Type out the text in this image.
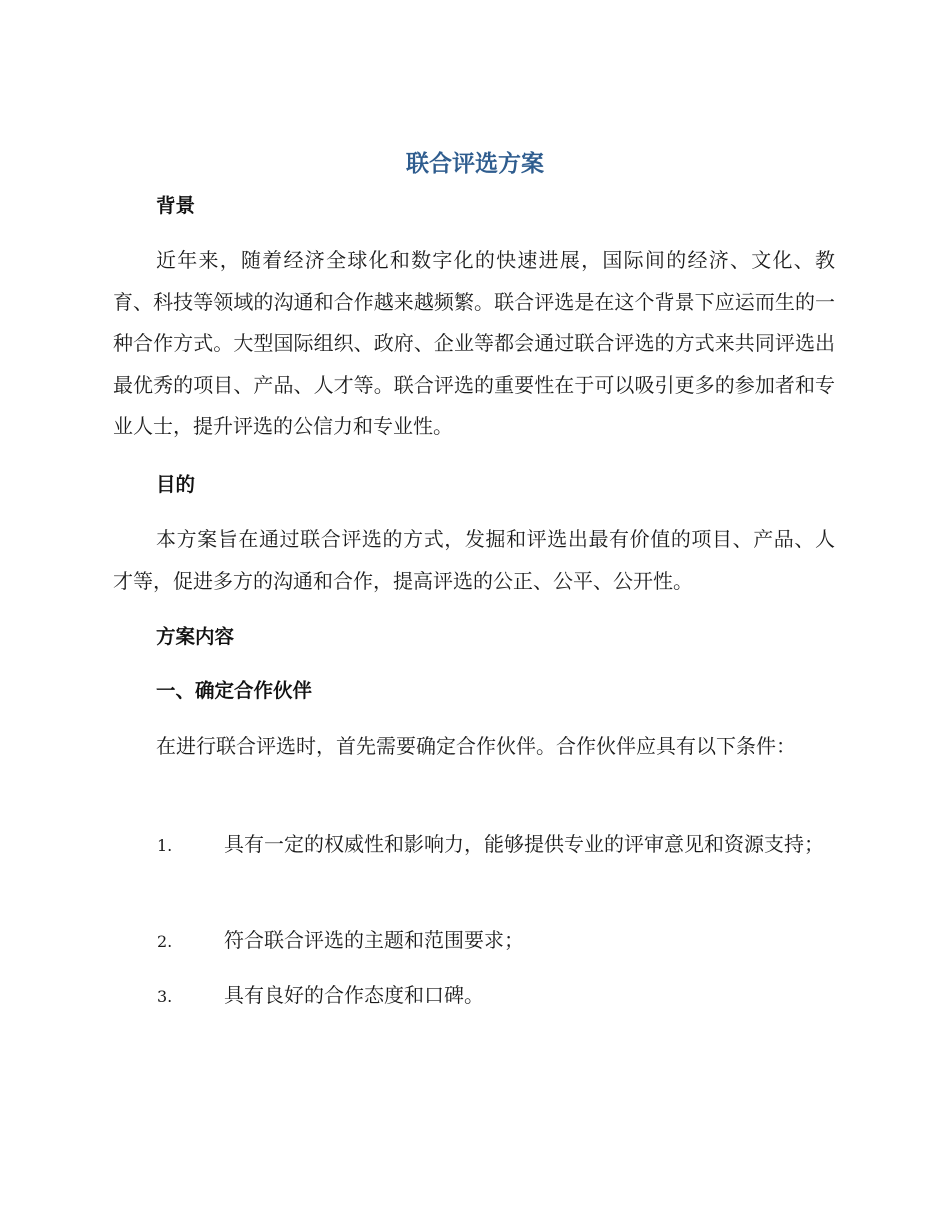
联合评选方案
背景

近年来，随着经济全球化和数字化的快速进展，国际间的经济、文化、教育、科技等领域的沟通和合作越来越频繁。联合评选是在这个背景下应运而生的一种合作方式。大型国际组织、政府、企业等都会通过联合评选的方式来共同评选出最优秀的项目、产品、人才等。联合评选的重要性在于可以吸引更多的参加者和专业人士，提升评选的公信力和专业性。

目的

本方案旨在通过联合评选的方式，发掘和评选出最有价值的项目、产品、人才等，促进多方的沟通和合作，提高评选的公正、公平、公开性。

方案内容
一、确定合作伙伴

在进行联合评选时，首先需要确定合作伙伴。合作伙伴应具有以下条件：

1.	具有一定的权威性和影响力，能够提供专业的评审意见和资源支持；

2.	符合联合评选的主题和范围要求；

3.	具有良好的合作态度和口碑。
